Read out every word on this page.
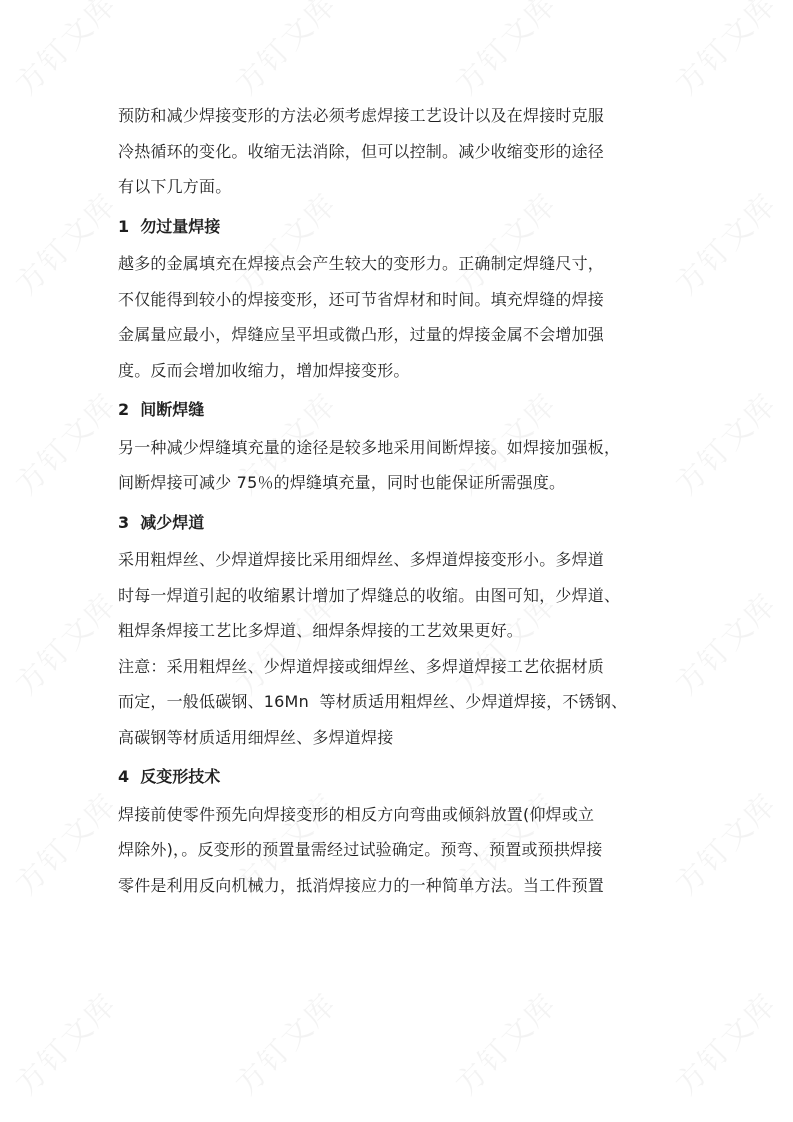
预防和减少焊接变形的方法必须考虑焊接工艺设计以及在焊接时克服

冷热循环的变化。收缩无法消除，但可以控制。减少收缩变形的途径

有以下几方面。

1  勿过量焊接

越多的金属填充在焊接点会产生较大的变形力。正确制定焊缝尺寸，

不仅能得到较小的焊接变形，还可节省焊材和时间。填充焊缝的焊接

金属量应最小，焊缝应呈平坦或微凸形，过量的焊接金属不会增加强

度。反而会增加收缩力，增加焊接变形。

2  间断焊缝

另一种减少焊缝填充量的途径是较多地采用间断焊接。如焊接加强板，

间断焊接可减少 75％的焊缝填充量，同时也能保证所需强度。

3  减少焊道

采用粗焊丝、少焊道焊接比采用细焊丝、多焊道焊接变形小。多焊道

时每一焊道引起的收缩累计增加了焊缝总的收缩。由图可知，少焊道、

粗焊条焊接工艺比多焊道、细焊条焊接的工艺效果更好。

注意：采用粗焊丝、少焊道焊接或细焊丝、多焊道焊接工艺依据材质

而定，一般低碳钢、16Mn  等材质适用粗焊丝、少焊道焊接，不锈钢、

高碳钢等材质适用细焊丝、多焊道焊接

4  反变形技术

焊接前使零件预先向焊接变形的相反方向弯曲或倾斜放置(仰焊或立

焊除外)，。反变形的预置量需经过试验确定。预弯、预置或预拱焊接

零件是利用反向机械力，抵消焊接应力的一种简单方法。当工件预置
